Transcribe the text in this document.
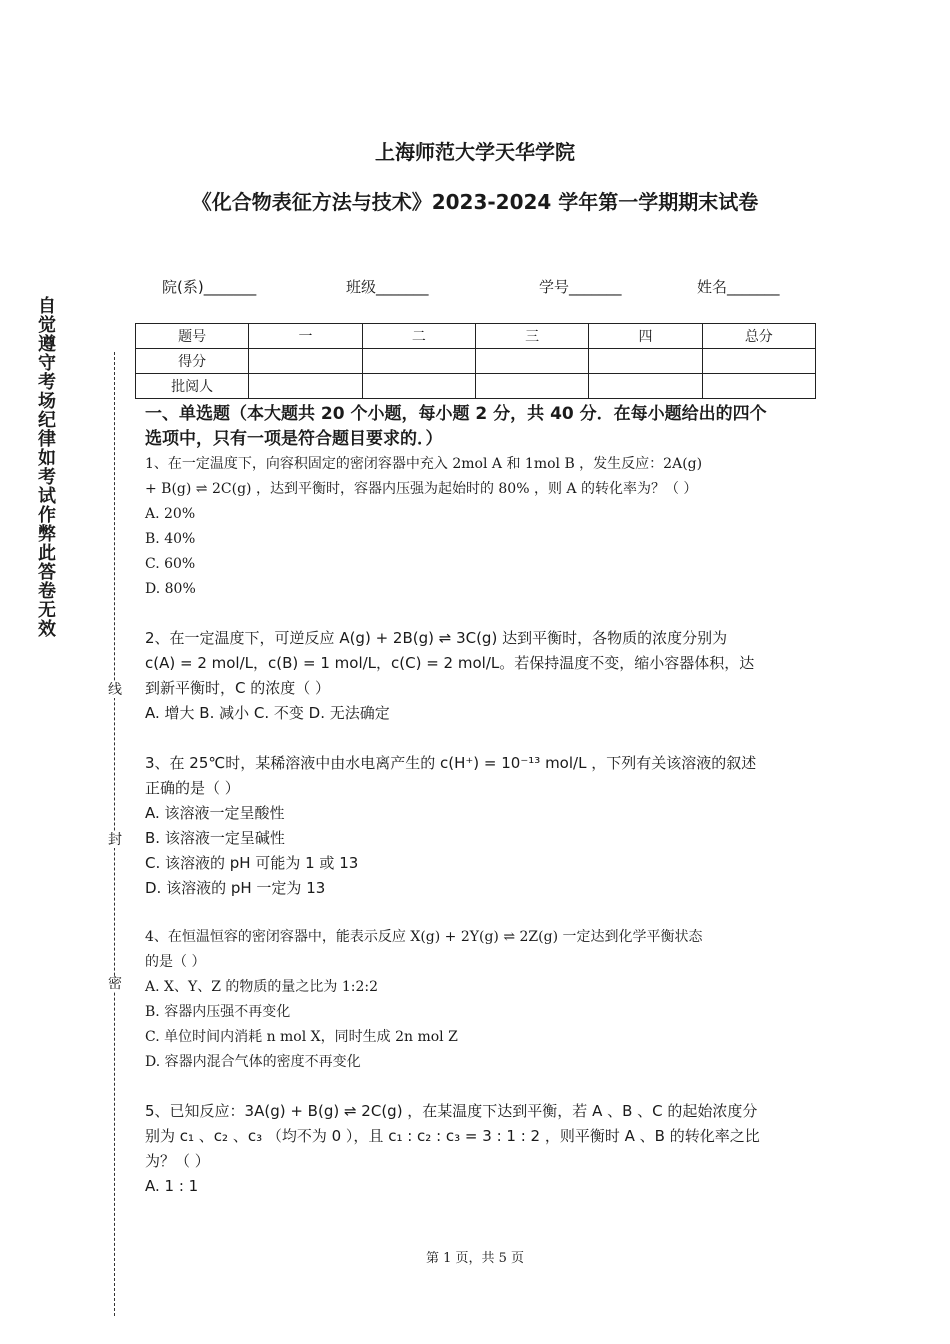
上海师范大学天华学院
《化合物表征方法与技术》2023-2024 学年第一学期期末试卷
院(系)_______	班级_______	学号_______	姓名_______
题号	一	二	三	四	总分
得分					
批阅人					
自觉遵守考场纪律如考试作弊此答卷无效
线
封
密
一、单选题（本大题共 20 个小题，每小题 2 分，共 40 分．在每小题给出的四个
选项中，只有一项是符合题目要求的．）
1、在一定温度下，向容积固定的密闭容器中充入 2mol A 和 1mol B ，发生反应：2A(g)
+ B(g) ⇌ 2C(g) ，达到平衡时，容器内压强为起始时的 80% ，则 A 的转化率为？（ ）
A. 20%
B. 40%
C. 60%
D. 80%
2、在一定温度下，可逆反应 A(g) + 2B(g) ⇌ 3C(g) 达到平衡时，各物质的浓度分别为
c(A) = 2 mol/L，c(B) = 1 mol/L，c(C) = 2 mol/L。若保持温度不变，缩小容器体积，达
到新平衡时，C 的浓度（ ）
A. 增大 B. 减小 C. 不变 D. 无法确定
3、在 25℃时，某稀溶液中由水电离产生的 c(H⁺) = 10⁻¹³ mol/L ，下列有关该溶液的叙述
正确的是（ ）
A. 该溶液一定呈酸性
B. 该溶液一定呈碱性
C. 该溶液的 pH 可能为 1 或 13
D. 该溶液的 pH 一定为 13
4、在恒温恒容的密闭容器中，能表示反应 X(g) + 2Y(g) ⇌ 2Z(g) 一定达到化学平衡状态
的是（ ）
A. X、Y、Z 的物质的量之比为 1:2:2
B. 容器内压强不再变化
C. 单位时间内消耗 n mol X，同时生成 2n mol Z
D. 容器内混合气体的密度不再变化
5、已知反应：3A(g) + B(g) ⇌ 2C(g) ，在某温度下达到平衡，若 A 、B 、C 的起始浓度分
别为 c₁ 、c₂ 、c₃ （均不为 0 ），且 c₁ : c₂ : c₃ = 3 : 1 : 2 ，则平衡时 A 、B 的转化率之比
为？（ ）
A. 1 : 1
第 1 页，共 5 页
